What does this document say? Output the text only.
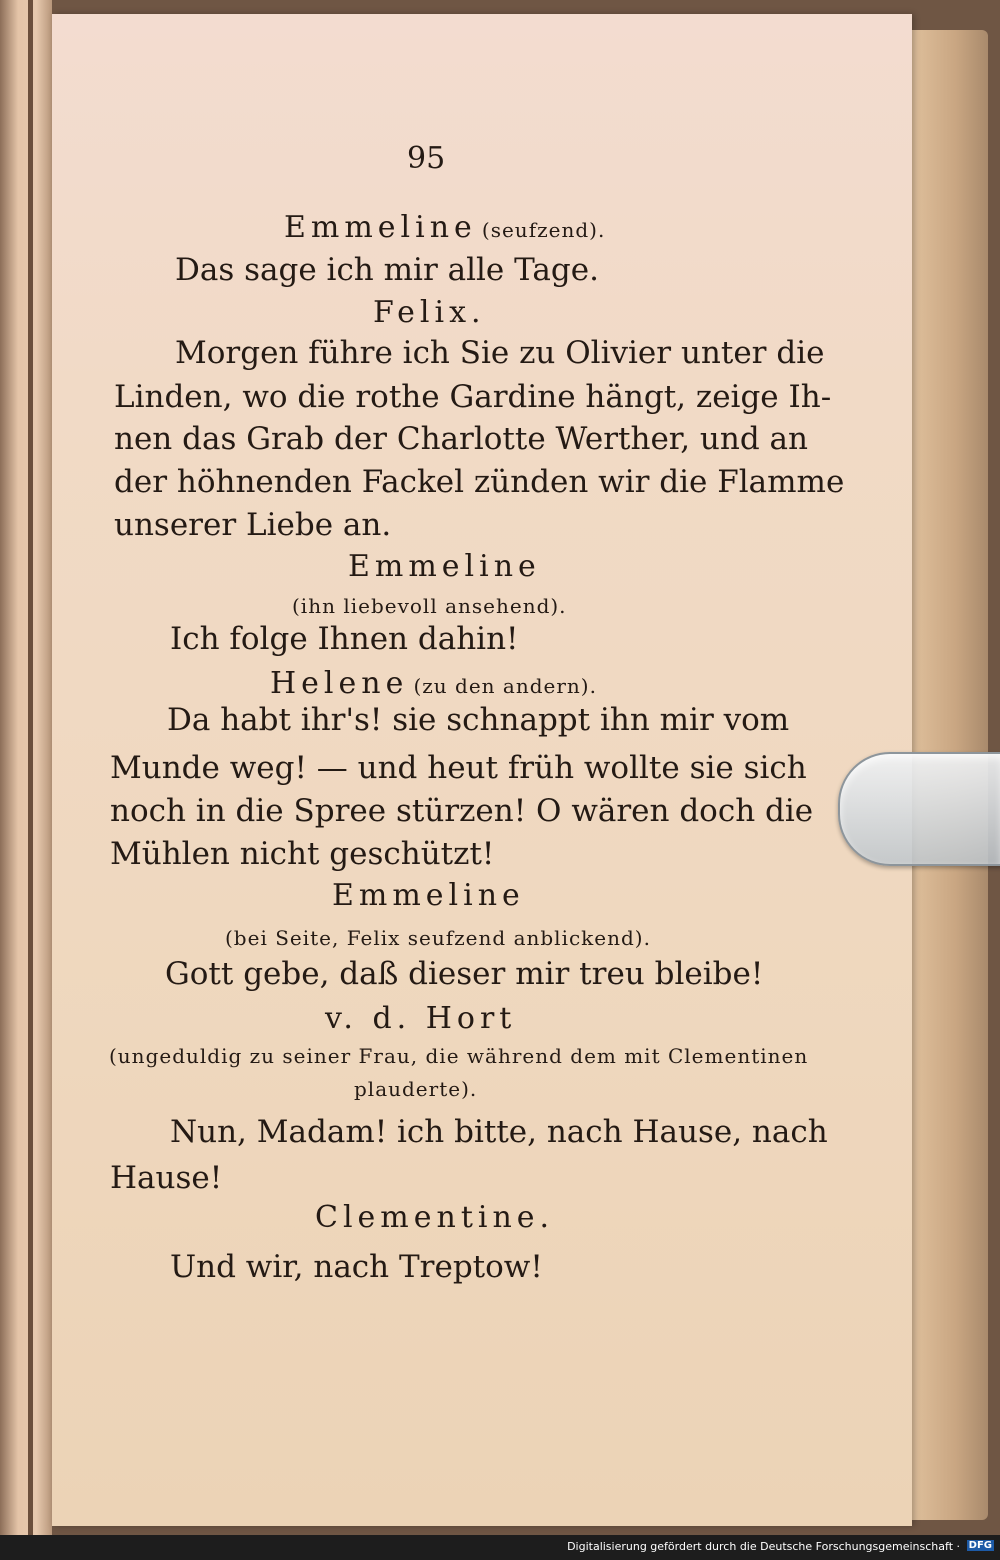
95
Emmeline (seufzend).
Das sage ich mir alle Tage.
Felix.
Morgen führe ich Sie zu Olivier unter die
Linden, wo die rothe Gardine hängt, zeige Ih-
nen das Grab der Charlotte Werther, und an
der höhnenden Fackel zünden wir die Flamme
unserer Liebe an.
Emmeline
(ihn liebevoll ansehend).
Ich folge Ihnen dahin!
Helene (zu den andern).
Da habt ihr's! sie schnappt ihn mir vom
Munde weg! — und heut früh wollte sie sich
noch in die Spree stürzen! O wären doch die
Mühlen nicht geschützt!
Emmeline
(bei Seite, Felix seufzend anblickend).
Gott gebe, daß dieser mir treu bleibe!
v. d. Hort
(ungeduldig zu seiner Frau, die während dem mit Clementinen
plauderte).
Nun, Madam! ich bitte, nach Hause, nach
Hause!
Clementine.
Und wir, nach Treptow!
Digitalisierung gefördert durch die Deutsche Forschungsgemeinschaft · DFG
